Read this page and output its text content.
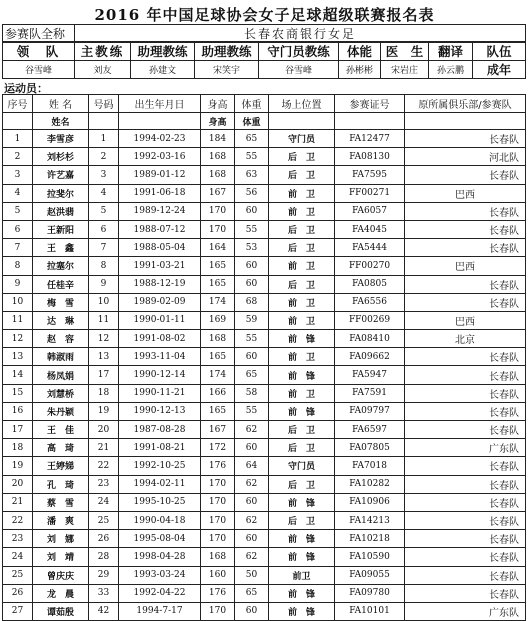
2016 年中国足球协会女子足球超级联赛报名表
参赛队全称	长春农商银行女足
领　队	主教练	助理教练	助理教练	守门员教练	体能	医　生	翻译	队伍
谷雪峰	刘友	孙建文	宋笑宇	谷雪峰	孙彬彬	宋岩庄	孙云鹏	成年
运动员：
序号	姓 名	号码	出生年月日	身高	体重	场上位置	参赛证号	原所属俱乐部/参赛队
	姓名			身高	体重			
1	李雪彦	1	1994-02-23	184	65	守门员	FA12477	长春队
2	刘杉杉	2	1992-03-16	168	55	后　卫	FA08130	河北队
3	许艺嘉	3	1989-01-12	168	63	后　卫	FA7595	长春队
4	拉斐尔	4	1991-06-18	167	56	前　卫	FF00271	巴西
5	赵洪翡	5	1989-12-24	170	60	前　卫	FA6057	长春队
6	王新阳	6	1988-07-12	170	55	后　卫	FA4045	长春队
7	王　鑫	7	1988-05-04	164	53	后　卫	FA5444	长春队
8	拉塞尔	8	1991-03-21	165	60	前　卫	FF00270	巴西
9	任桂辛	9	1988-12-19	165	60	后　卫	FA0805	长春队
10	梅　雪	10	1989-02-09	174	68	前　卫	FA6556	长春队
11	达　琳	11	1990-01-11	169	59	前　卫	FF00269	巴西
12	赵　容	12	1991-08-02	168	55	前　锋	FA08410	北京
13	韩淑雨	13	1993-11-04	165	60	前　卫	FA09662	长春队
14	杨凤娟	17	1990-12-14	174	65	前　锋	FA5947	长春队
15	刘慧桥	18	1990-11-21	166	58	前　卫	FA7591	长春队
16	朱丹颖	19	1990-12-13	165	55	前　锋	FA09797	长春队
17	王　佳	20	1987-08-28	167	62	后　卫	FA6597	长春队
18	高　琦	21	1991-08-21	172	60	后　卫	FA07805	广东队
19	王婷娣	22	1992-10-25	176	64	守门员	FA7018	长春队
20	孔　琦	23	1994-02-11	170	62	后　卫	FA10282	长春队
21	蔡　雪	24	1995-10-25	170	60	前　锋	FA10906	长春队
22	潘　爽	25	1990-04-18	170	62	后　卫	FA14213	长春队
23	刘　娜	26	1995-08-04	170	60	前　锋	FA10218	长春队
24	刘　靖	28	1998-04-28	168	62	前　锋	FA10590	长春队
25	曾庆庆	29	1993-03-24	160	50	前卫	FA09055	长春队
26	龙　晨	33	1992-04-22	176	65	前　锋	FA09780	长春队
27	谭茹殷	42	1994-7-17	170	60	前　锋	FA10101	广东队
